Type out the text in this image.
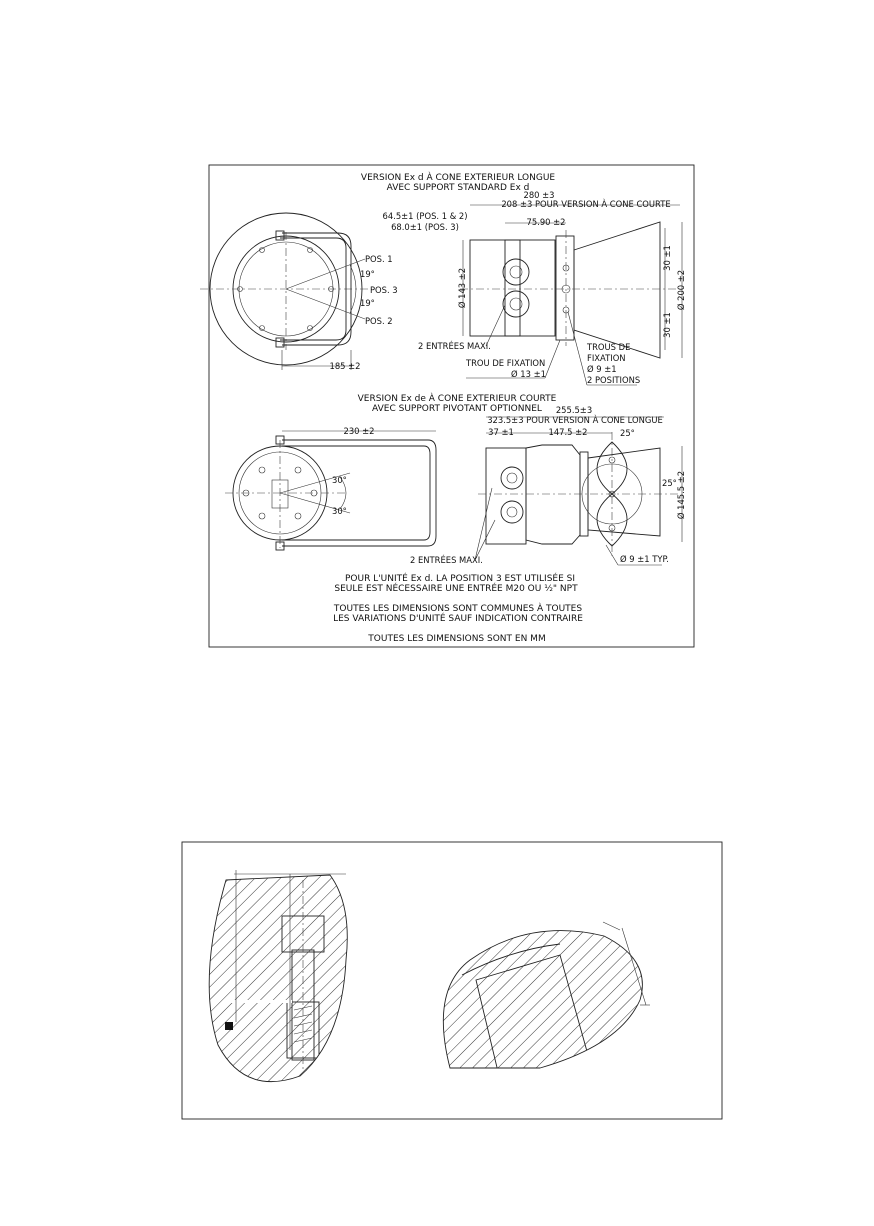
VERSION Ex d À CONE EXTERIEUR LONGUE
AVEC SUPPORT STANDARD Ex d
POS. 1
19°
POS. 3
19°
POS. 2
185 ±2
280 ±3
208 ±3 POUR VERSION À CONE COURTE
64.5±1 (POS. 1 & 2)
68.0±1 (POS. 3)	75.90 ±2
Ø 143 ±2
30 ±1
30 ±1
Ø 200 ±2
2 ENTRÉES MAXI.
TROU DE FIXATION
Ø 13 ±1
TROUS DE
FIXATION
Ø 9 ±1
2 POSITIONS
VERSION Ex de À CONE EXTERIEUR COURTE
AVEC SUPPORT PIVOTANT OPTIONNEL
230 ±2
30°
30°
255.5±3
323.5±3 POUR VERSION À CONE LONGUE
37 ±1	147.5 ±2	25°
25° Ø 145.5 ±2
2 ENTRÉES MAXI.	Ø 9 ±1 TYP.
POUR L'UNITÉ Ex d. LA POSITION 3 EST UTILISÉE SI
SEULE EST NÉCESSAIRE UNE ENTRÉE M20 OU ½" NPT
TOUTES LES DIMENSIONS SONT COMMUNES À TOUTES
LES VARIATIONS D'UNITÉ SAUF INDICATION CONTRAIRE
TOUTES LES DIMENSIONS SONT EN MM
